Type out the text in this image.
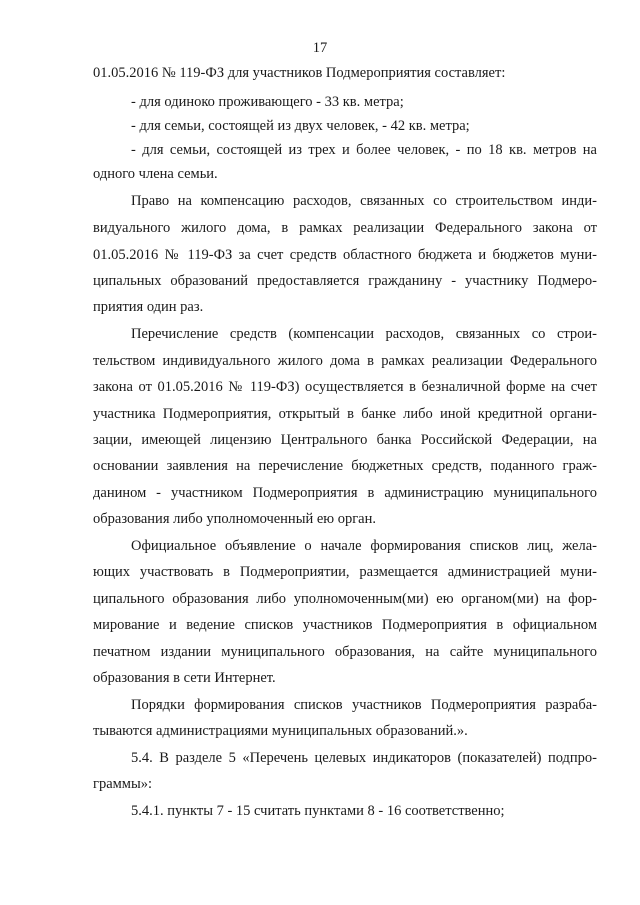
17
01.05.2016 № 119-ФЗ для участников Подмероприятия составляет:
- для одиноко проживающего - 33 кв. метра;
- для семьи, состоящей из двух человек, - 42 кв. метра;
- для семьи, состоящей из трех и более человек, - по 18 кв. метров на
одного члена семьи.
Право на компенсацию расходов, связанных со строительством инди-
видуального жилого дома, в рамках реализации Федерального закона от
01.05.2016 № 119-ФЗ за счет средств областного бюджета и бюджетов муни-
ципальных образований предоставляется гражданину - участнику Подмеро-
приятия один раз.
Перечисление средств (компенсации расходов, связанных со строи-
тельством индивидуального жилого дома в рамках реализации Федерального
закона от 01.05.2016 № 119-ФЗ) осуществляется в безналичной форме на счет
участника Подмероприятия, открытый в банке либо иной кредитной органи-
зации, имеющей лицензию Центрального банка Российской Федерации, на
основании заявления на перечисление бюджетных средств, поданного граж-
данином - участником Подмероприятия в администрацию муниципального
образования либо уполномоченный ею орган.
Официальное объявление о начале формирования списков лиц, жела-
ющих участвовать в Подмероприятии, размещается администрацией муни-
ципального образования либо уполномоченным(ми) ею органом(ми) на фор-
мирование и ведение списков участников Подмероприятия в официальном
печатном издании муниципального образования, на сайте муниципального
образования в сети Интернет.
Порядки формирования списков участников Подмероприятия разраба-
тываются администрациями муниципальных образований.».
5.4. В разделе 5 «Перечень целевых индикаторов (показателей) подпро-
граммы»:
5.4.1. пункты 7 - 15 считать пунктами 8 - 16 соответственно;
